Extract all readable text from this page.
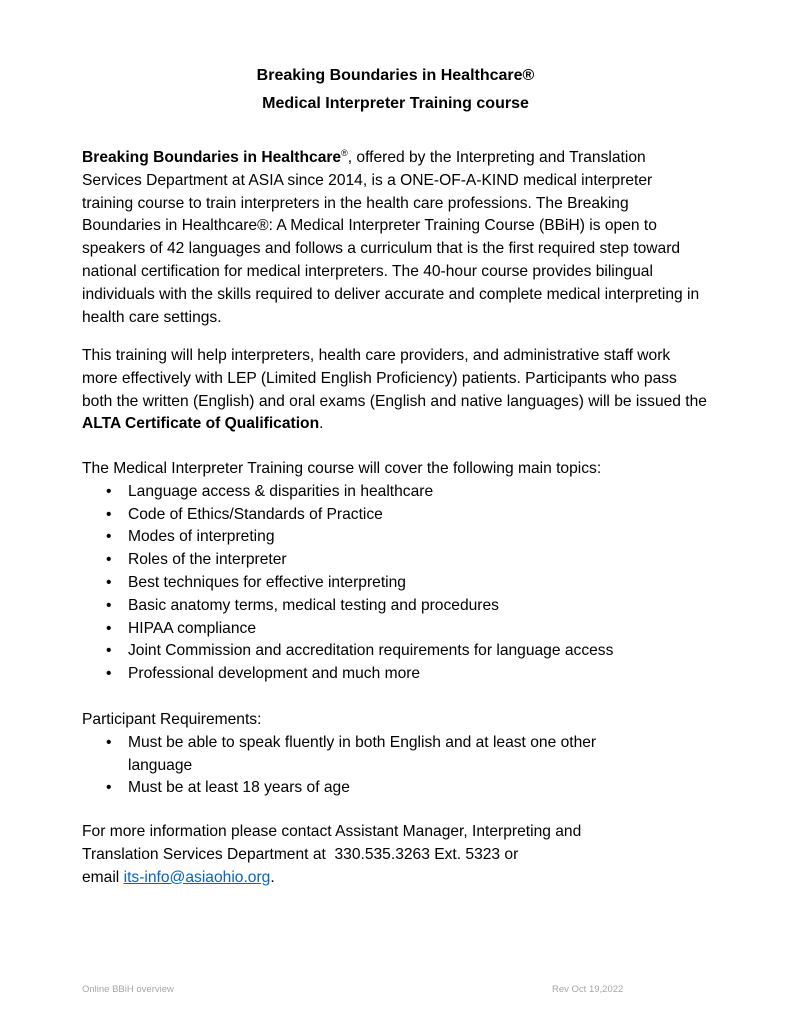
Breaking Boundaries in Healthcare®
Medical Interpreter Training course

Breaking Boundaries in Healthcare®, offered by the Interpreting and Translation Services Department at ASIA since 2014, is a ONE-OF-A-KIND medical interpreter training course to train interpreters in the health care professions. The Breaking Boundaries in Healthcare®: A Medical Interpreter Training Course (BBiH) is open to speakers of 42 languages and follows a curriculum that is the first required step toward national certification for medical interpreters. The 40-hour course provides bilingual individuals with the skills required to deliver accurate and complete medical interpreting in health care settings.

This training will help interpreters, health care providers, and administrative staff work more effectively with LEP (Limited English Proficiency) patients. Participants who pass both the written (English) and oral exams (English and native languages) will be issued the ALTA Certificate of Qualification.

The Medical Interpreter Training course will cover the following main topics:

• Language access & disparities in healthcare
• Code of Ethics/Standards of Practice
• Modes of interpreting
• Roles of the interpreter
• Best techniques for effective interpreting
• Basic anatomy terms, medical testing and procedures
• HIPAA compliance
• Joint Commission and accreditation requirements for language access
• Professional development and much more

Participant Requirements:

• Must be able to speak fluently in both English and at least one other language
• Must be at least 18 years of age
For more information please contact Assistant Manager, Interpreting and
Translation Services Department at  330.535.3263 Ext. 5323 or
email its-info@asiaohio.org.
Online BBiH overview	Rev Oct 19,2022
